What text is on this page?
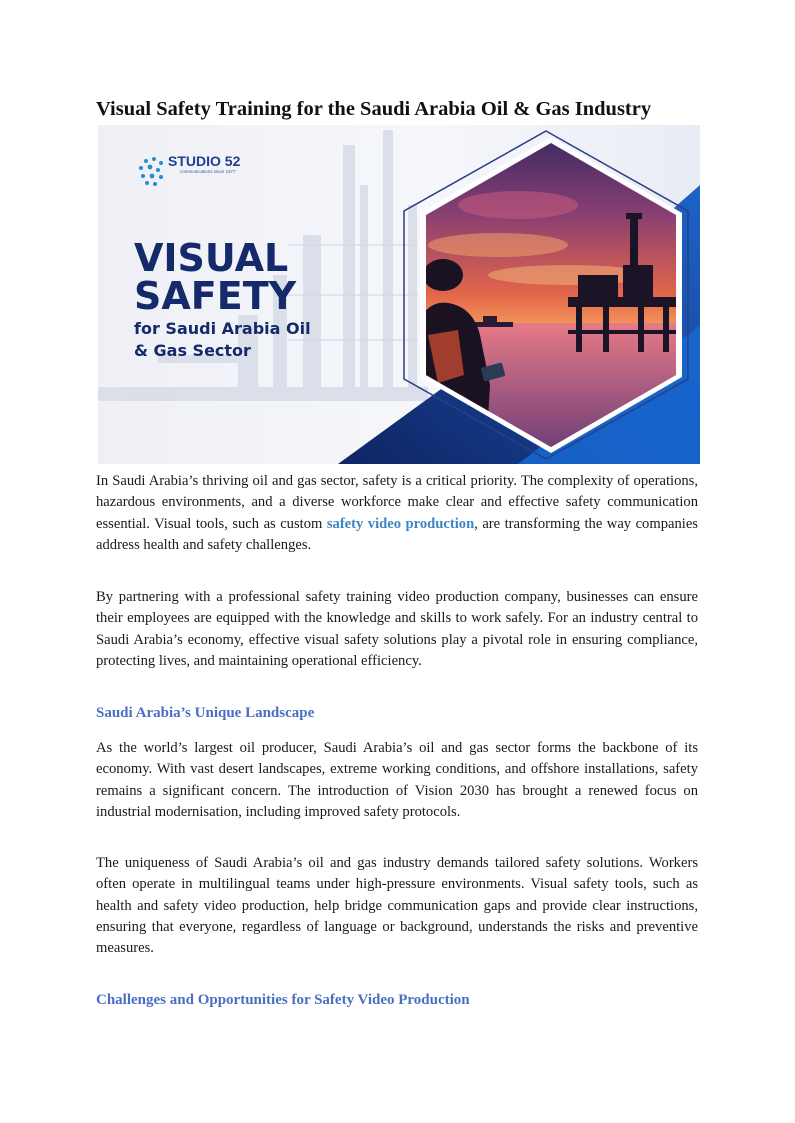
Visual Safety Training for the Saudi Arabia Oil & Gas Industry
STUDIO 52
communications since 1977
VISUAL
SAFETY
for Saudi Arabia Oil
& Gas Sector

In Saudi Arabia’s thriving oil and gas sector, safety is a critical priority. The complexity of operations, hazardous environments, and a diverse workforce make clear and effective safety communication essential. Visual tools, such as custom safety video production, are transforming the way companies address health and safety challenges.

By partnering with a professional safety training video production company, businesses can ensure their employees are equipped with the knowledge and skills to work safely. For an industry central to Saudi Arabia’s economy, effective visual safety solutions play a pivotal role in ensuring compliance, protecting lives, and maintaining operational efficiency.

Saudi Arabia’s Unique Landscape

As the world’s largest oil producer, Saudi Arabia’s oil and gas sector forms the backbone of its economy. With vast desert landscapes, extreme working conditions, and offshore installations, safety remains a significant concern. The introduction of Vision 2030 has brought a renewed focus on industrial modernisation, including improved safety protocols.

The uniqueness of Saudi Arabia’s oil and gas industry demands tailored safety solutions. Workers often operate in multilingual teams under high-pressure environments. Visual safety tools, such as health and safety video production, help bridge communication gaps and provide clear instructions, ensuring that everyone, regardless of language or background, understands the risks and preventive measures.

Challenges and Opportunities for Safety Video Production
